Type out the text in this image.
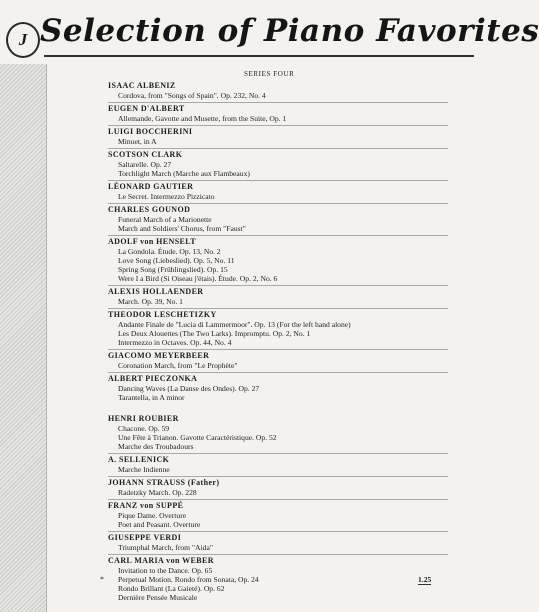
J Selection of Piano Favorites
SERIES FOUR
ISAAC ALBENIZ
Cordova, from "Songs of Spain". Op. 232, No. 4
EUGEN D'ALBERT
Allemande, Gavotte and Musette, from the Suite, Op. 1
LUIGI BOCCHERINI
Minuet, in A
SCOTSON CLARK
Saltarelle. Op. 27
Torchlight March (Marche aux Flambeaux)
LÉONARD GAUTIER
Le Secret. Intermezzo Pizzicato
CHARLES GOUNOD
Funeral March of a Marionette
March and Soldiers' Chorus, from "Faust"
ADOLF von HENSELT
La Gondola. Étude. Op. 13, No. 2
Love Song (Liebeslied). Op. 5, No. 11
Spring Song (Frühlingslied). Op. 15
Were I a Bird (Si Oiseau j'étais). Étude. Op. 2, No. 6
ALEXIS HOLLAENDER
March. Op. 39, No. 1
THEODOR LESCHETIZKY
Andante Finale de "Lucia di Lammermoor". Op. 13 (For the left hand alone)
Les Deux Alouettes (The Two Larks). Impromptu. Op. 2, No. 1
Intermezzo in Octaves. Op. 44, No. 4
GIACOMO MEYERBEER
Coronation March, from "Le Prophète"
ALBERT PIECZONKA
Dancing Waves (La Danse des Ondes). Op. 27
Tarantella, in A minor
HENRI ROUBIER
Chacone. Op. 59
Une Fête à Trianon. Gavotte Caractéristique. Op. 52
Marche des Troubadours
A. SELLENICK
Marche Indienne
JOHANN STRAUSS (Father)
Radetzky March. Op. 228
FRANZ von SUPPÉ
Pique Dame. Overture
Poet and Peasant. Overture
GIUSEPPE VERDI
Triumphal March, from "Aida"
CARL MARIA von WEBER
Invitation to the Dance. Op. 65
* Perpetual Motion. Rondo from Sonata, Op. 24	1.25
Rondo Brillant (La Gaieté). Op. 62
Dernière Pensée Musicale
